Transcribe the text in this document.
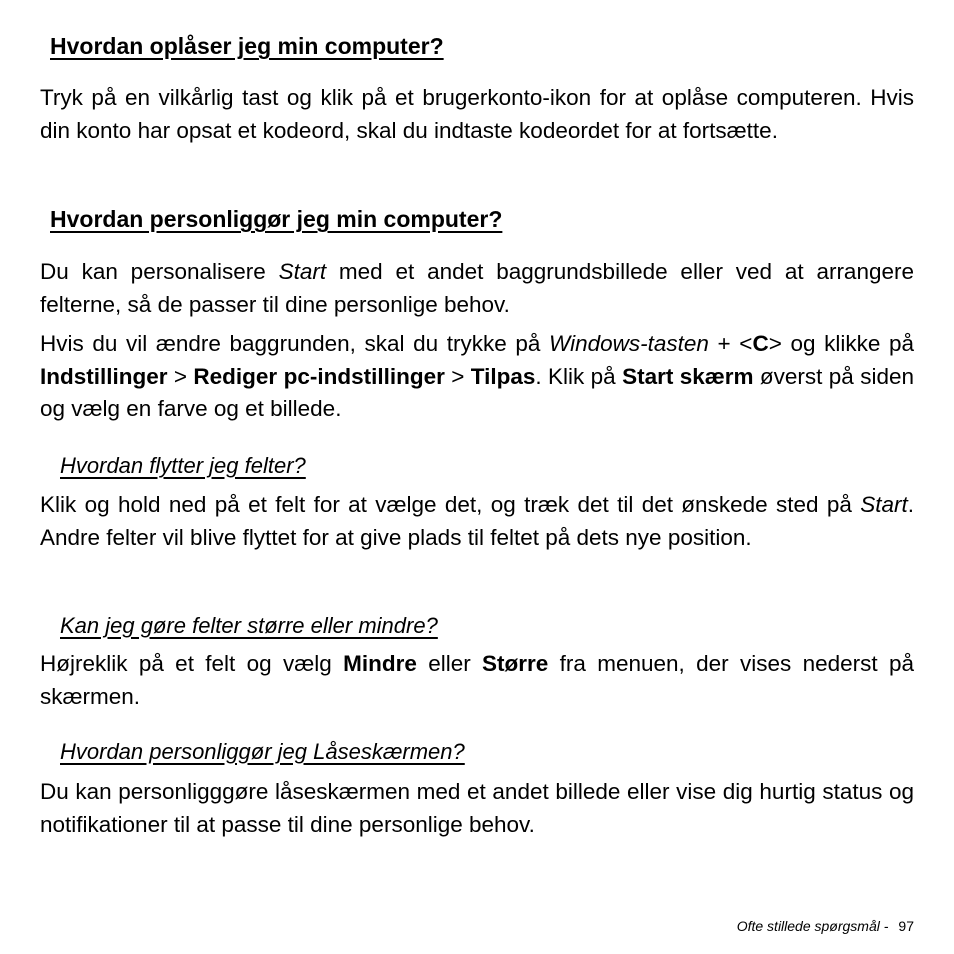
Hvordan oplåser jeg min computer?

Tryk på en vilkårlig tast og klik på et brugerkonto-ikon for at oplåse computeren. Hvis din konto har opsat et kodeord, skal du indtaste kodeordet for at fortsætte.

Hvordan personliggør jeg min computer?

Du kan personalisere Start med et andet baggrundsbillede eller ved at arrangere felterne, så de passer til dine personlige behov.

Hvis du vil ændre baggrunden, skal du trykke på Windows-tasten + <C> og klikke på Indstillinger > Rediger pc-indstillinger > Tilpas. Klik på Start skærm øverst på siden og vælg en farve og et billede.

Hvordan flytter jeg felter?

Klik og hold ned på et felt for at vælge det, og træk det til det ønskede sted på Start. Andre felter vil blive flyttet for at give plads til feltet på dets nye position.

Kan jeg gøre felter større eller mindre?

Højreklik på et felt og vælg Mindre eller Større fra menuen, der vises nederst på skærmen.

Hvordan personliggør jeg Låseskærmen?

Du kan personligggøre låseskærmen med et andet billede eller vise dig hurtig status og notifikationer til at passe til dine personlige behov.

Ofte stillede spørgsmål - 97
